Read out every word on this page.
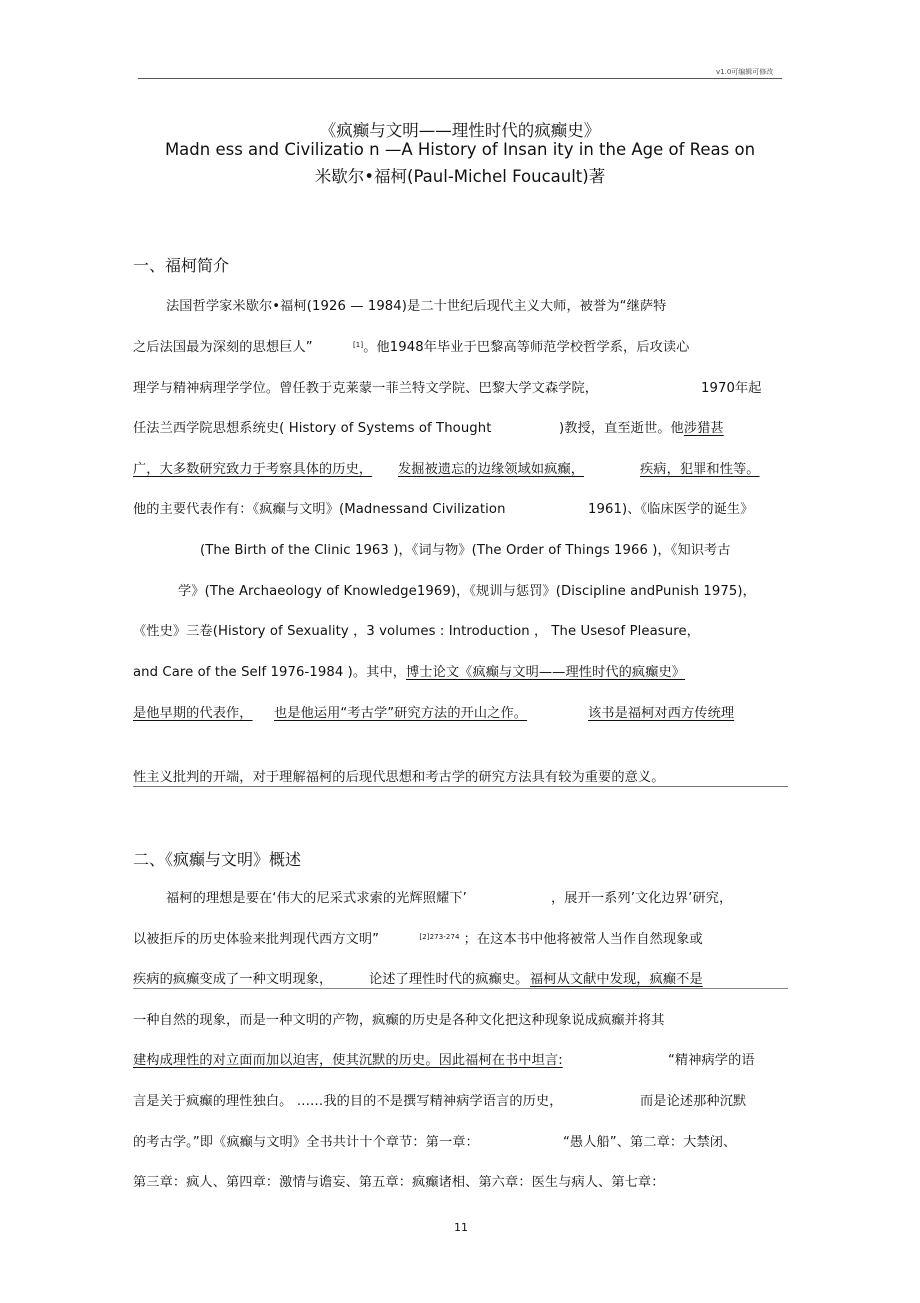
v1.0可编辑可修改
《疯癫与文明——理性时代的疯癫史》
Madn ess and Civilizatio n —A History of Insan ity in the Age of Reas on
米歇尔•福柯(Paul-Michel Foucault)著
一、福柯简介
法国哲学家米歇尔•福柯(1926 — 1984)是二十世纪后现代主义大师，被誉为“继萨特
之后法国最为深刻的思想巨人”	[1]。他1948年毕业于巴黎高等师范学校哲学系，后攻读心
理学与精神病理学学位。曾任教于克莱蒙一菲兰特文学院、巴黎大学文森学院，	1970年起
任法兰西学院思想系统史( History of Systems of Thought	)教授，直至逝世。他涉猎甚
广，大多数研究致力于考察具体的历史， 发掘被遗忘的边缘领域如疯癫，	疾病，犯罪和性等。
他的主要代表作有：《疯癫与文明》(Madnessand Civilization	1961)、《临床医学的诞生》
(The Birth of the Clinic 1963 )，《词与物》(The Order of Things 1966 )，《知识考古
学》(The Archaeology of Knowledge1969)，《规训与惩罚》(Discipline andPunish 1975)，
《性史》三卷(History of Sexuality ，3 volumes : Introduction ， The Usesof Pleasure，
and Care of the Self 1976-1984 )。其中，博士论文《疯癫与文明——理性时代的疯癫史》
是他早期的代表作， 也是他运用“考古学”研究方法的开山之作。	该书是福柯对西方传统理
性主义批判的开端，对于理解福柯的后现代思想和考古学的研究方法具有较为重要的意义。
二、《疯癫与文明》概述
福柯的理想是要在‘伟大的尼采式求索的光辉照耀下’	，展开一系列’文化边界’研究，
以被拒斥的历史体验来批判现代西方文明”	$^{[2]273-274}$ ；在这本书中他将被常人当作自然现象或
疾病的疯癫变成了一种文明现象，	论述了理性时代的疯癫史。 福柯从文献中发现，疯癫不是
一种自然的现象，而是一种文明的产物，疯癫的历史是各种文化把这种现象说成疯癫并将其
建构成理性的对立面而加以迫害，使其沉默的历史。因此福柯在书中坦言:	“精神病学的语
言是关于疯癫的理性独白。 ……我的目的不是撰写精神病学语言的历史，	而是论述那种沉默
的考古学。”即《疯癫与文明》全书共计十个章节：第一章：	“愚人船”、第二章：大禁闭、
第三章：疯人、第四章：激情与谵妄、第五章：疯癫诸相、第六章：医生与病人、第七章：
11
